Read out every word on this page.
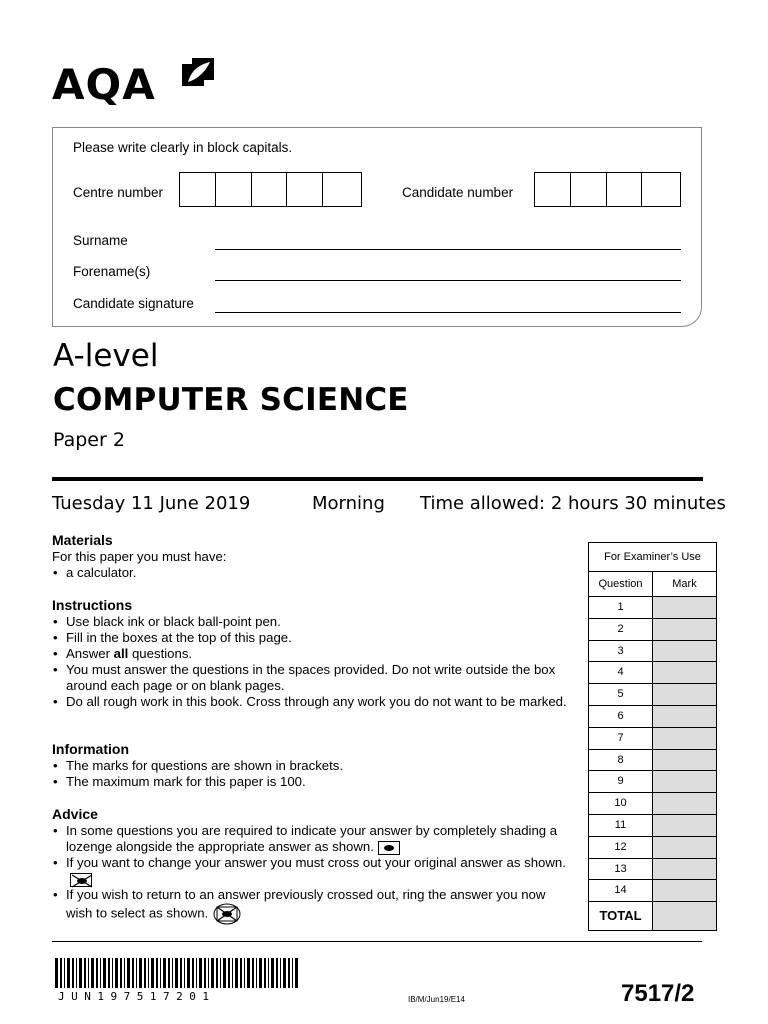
AQA
Please write clearly in block capitals.
Centre number	Candidate number
Surname
Forename(s)
Candidate signature
A-level
COMPUTER SCIENCE
Paper 2
Tuesday 11 June 2019	Morning Time allowed: 2 hours 30 minutes
Materials
For this paper you must have:
• a calculator.
Instructions
• Use black ink or black ball-point pen.
• Fill in the boxes at the top of this page.
• Answer all questions.
• You must answer the questions in the spaces provided. Do not write outside the box around each page or on blank pages.
• Do all rough work in this book. Cross through any work you do not want to be marked.
Information
• The marks for questions are shown in brackets.
• The maximum mark for this paper is 100.
Advice
• In some questions you are required to indicate your answer by completely shading a lozenge alongside the appropriate answer as shown.
• If you want to change your answer you must cross out your original answer as shown.
• If you wish to return to an answer previously crossed out, ring the answer you now wish to select as shown.
For Examiner’s Use
Question	Mark
1
2
3
4
5
6
7
8
9
10
11
12
13
14
TOTAL
JUN197517201	IB/M/Jun19/E14	7517/2
